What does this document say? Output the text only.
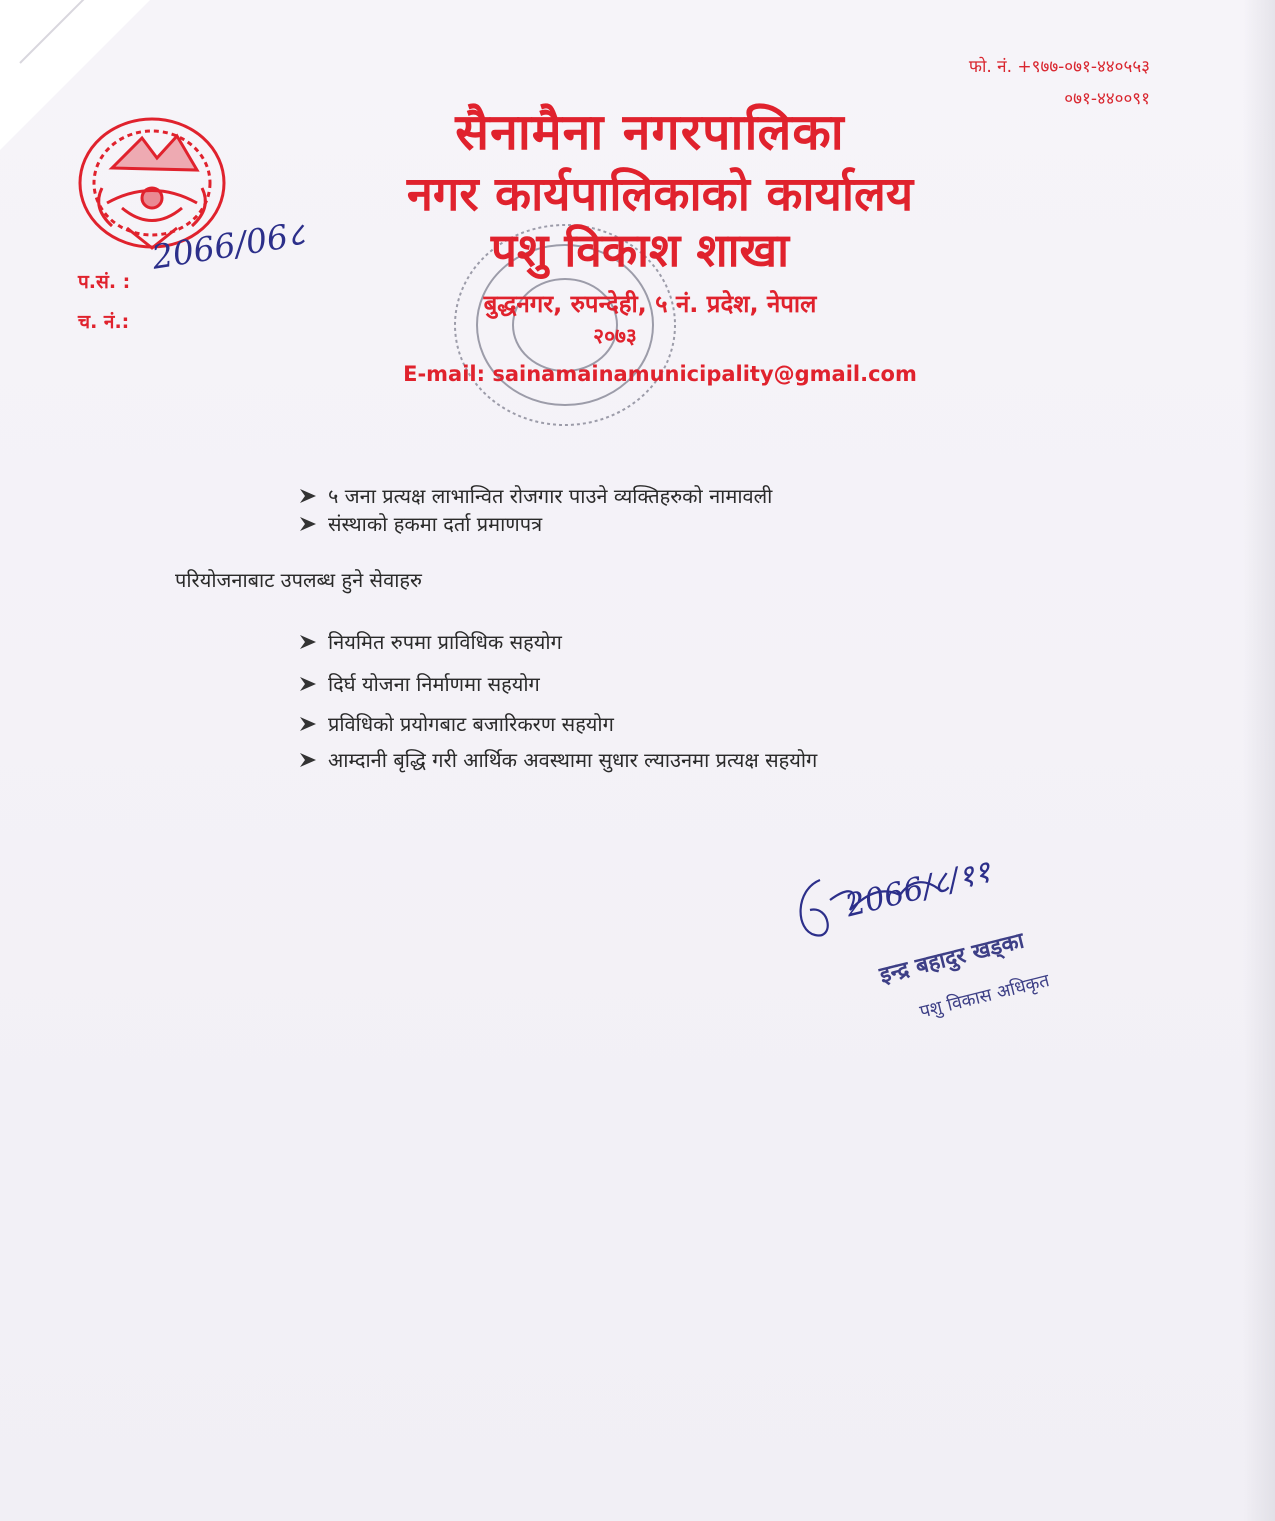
फो. नं. +९७७-०७१-४४०५५३
०७१-४४००९१
प.सं. :
2066/06८
च. नं.:
सैनामैना नगरपालिका
नगर कार्यपालिकाको कार्यालय
पशु विकाश शाखा
बुद्धनगर, रुपन्देही, ५ नं. प्रदेश, नेपाल
२०७३
E-mail: sainamainamunicipality@gmail.com
५ जना प्रत्यक्ष लाभान्वित रोजगार पाउने व्यक्तिहरुको नामावली
संस्थाको हकमा दर्ता प्रमाणपत्र
परियोजनाबाट उपलब्ध हुने सेवाहरु
नियमित रुपमा प्राविधिक सहयोग
दिर्घ योजना निर्माणमा सहयोग
प्रविधिको प्रयोगबाट बजारिकरण सहयोग
आम्दानी बृद्धि गरी आर्थिक अवस्थामा सुधार ल्याउनमा प्रत्यक्ष सहयोग
2066/८/११
इन्द्र बहादुर खड्का
पशु विकास अधिकृत
